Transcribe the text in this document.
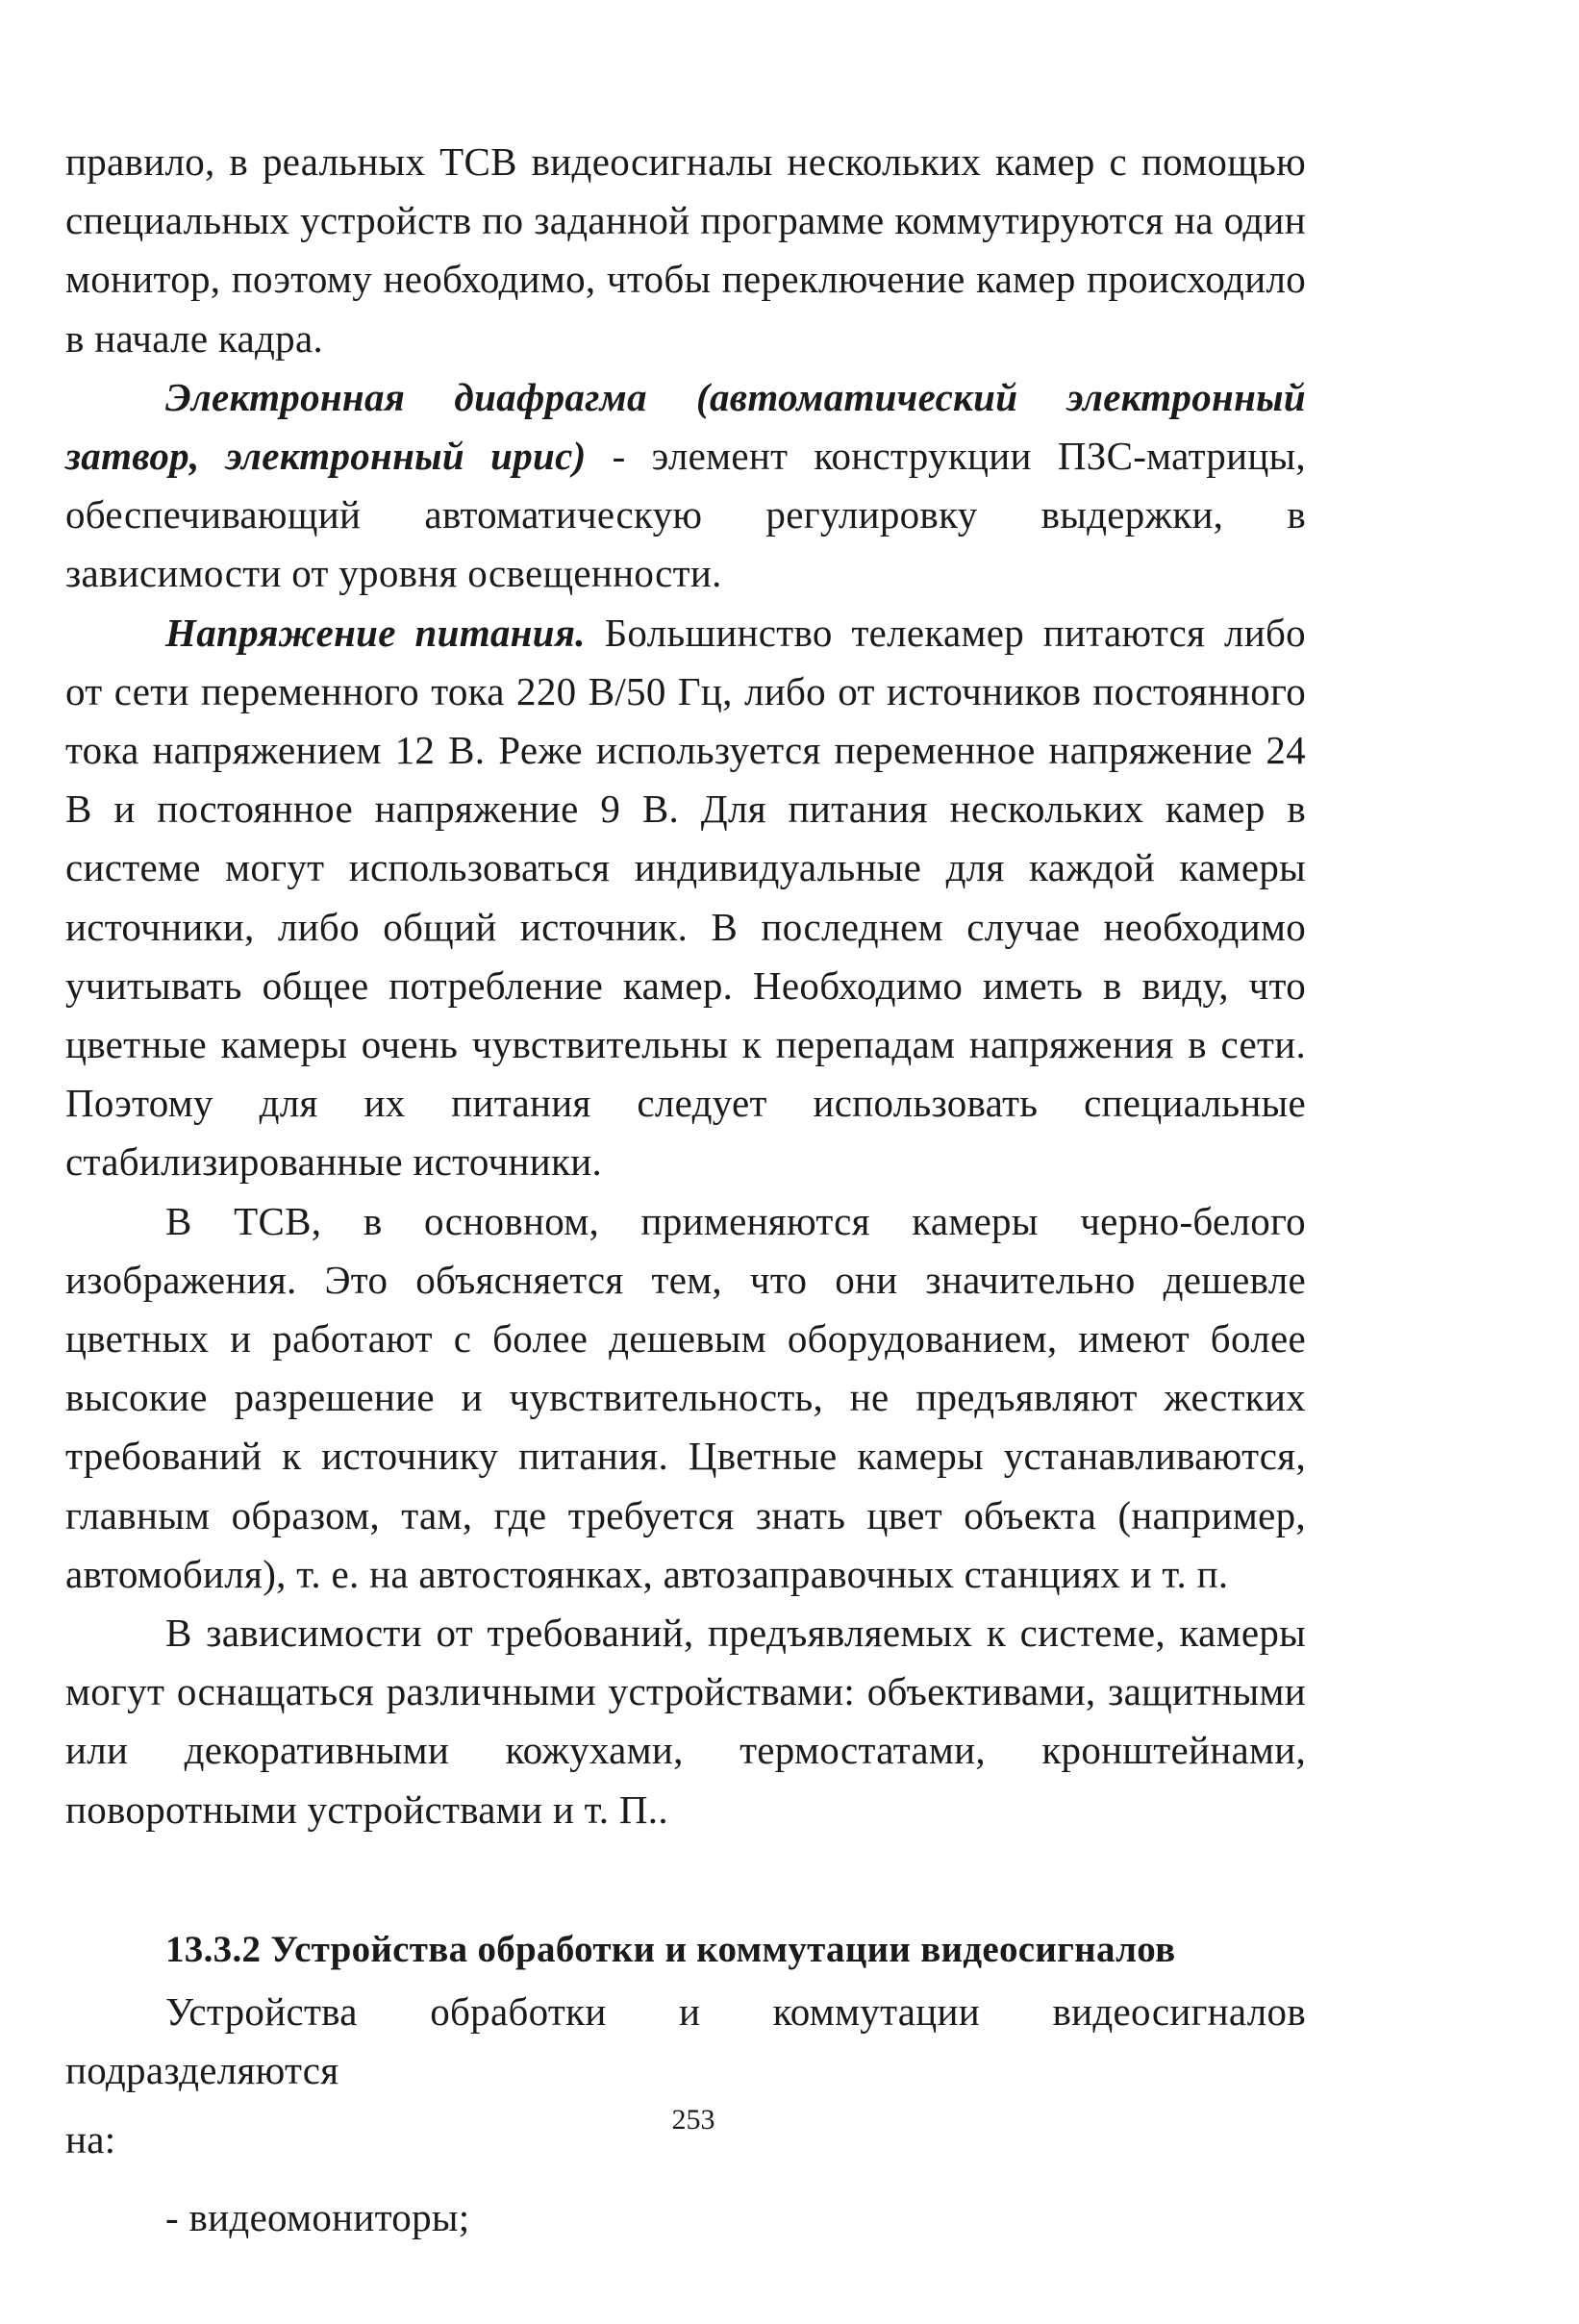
правило, в реальных ТСВ видеосигналы нескольких камер с помощью специальных устройств по заданной программе коммутируются на один монитор, поэтому необходимо, чтобы переключение камер происходило в начале кадра.

Электронная диафрагма (автоматический электронный затвор, электронный ирис) - элемент конструкции ПЗС-матрицы, обеспечивающий автоматическую регулировку выдержки, в зависимости от уровня освещенности.

Напряжение питания. Большинство телекамер питаются либо от сети переменного тока 220 В/50 Гц, либо от источников постоянного тока напряжением 12 В. Реже используется переменное напряжение 24 В и постоянное напряжение 9 В. Для питания нескольких камер в системе могут использоваться индивидуальные для каждой камеры источники, либо общий источник. В последнем случае необходимо учитывать общее потребление камер. Необходимо иметь в виду, что цветные камеры очень чувствительны к перепадам напряжения в сети. Поэтому для их питания следует использовать специальные стабилизированные источники.

В ТСВ, в основном, применяются камеры черно-белого изображения. Это объясняется тем, что они значительно дешевле цветных и работают с более дешевым оборудованием, имеют более высокие разрешение и чувствительность, не предъявляют жестких требований к источнику питания. Цветные камеры устанавливаются, главным образом, там, где требуется знать цвет объекта (например, автомобиля), т. е. на автостоянках, автозаправочных станциях и т. п.

В зависимости от требований, предъявляемых к системе, камеры могут оснащаться различными устройствами: объективами, защитными или декоративными кожухами, термостатами, кронштейнами, поворотными устройствами и т. П..

13.3.2 Устройства обработки и коммутации видеосигналов

Устройства обработки и коммутации видеосигналов подразделяются

на:

- видеомониторы;

253
